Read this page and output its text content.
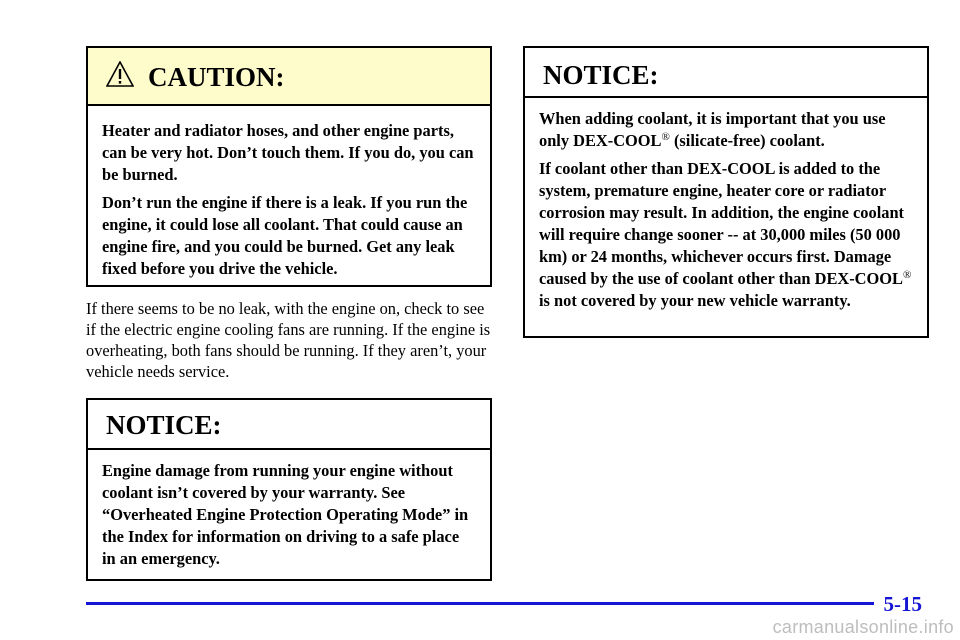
CAUTION:

Heater and radiator hoses, and other engine parts, can be very hot. Don’t touch them. If you do, you can be burned.

Don’t run the engine if there is a leak. If you run the engine, it could lose all coolant. That could cause an engine fire, and you could be burned. Get any leak fixed before you drive the vehicle.

If there seems to be no leak, with the engine on, check to see if the electric engine cooling fans are running. If the engine is overheating, both fans should be running. If they aren’t, your vehicle needs service.
NOTICE:

Engine damage from running your engine without coolant isn’t covered by your warranty. See “Overheated Engine Protection Operating Mode” in the Index for information on driving to a safe place in an emergency.

NOTICE:

When adding coolant, it is important that you use only DEX-COOL® (silicate-free) coolant.

If coolant other than DEX-COOL is added to the system, premature engine, heater core or radiator corrosion may result. In addition, the engine coolant will require change sooner -- at 30,000 miles (50 000 km) or 24 months, whichever occurs first. Damage caused by the use of coolant other than DEX-COOL® is not covered by your new vehicle warranty.

5-15
carmanualsonline.info
